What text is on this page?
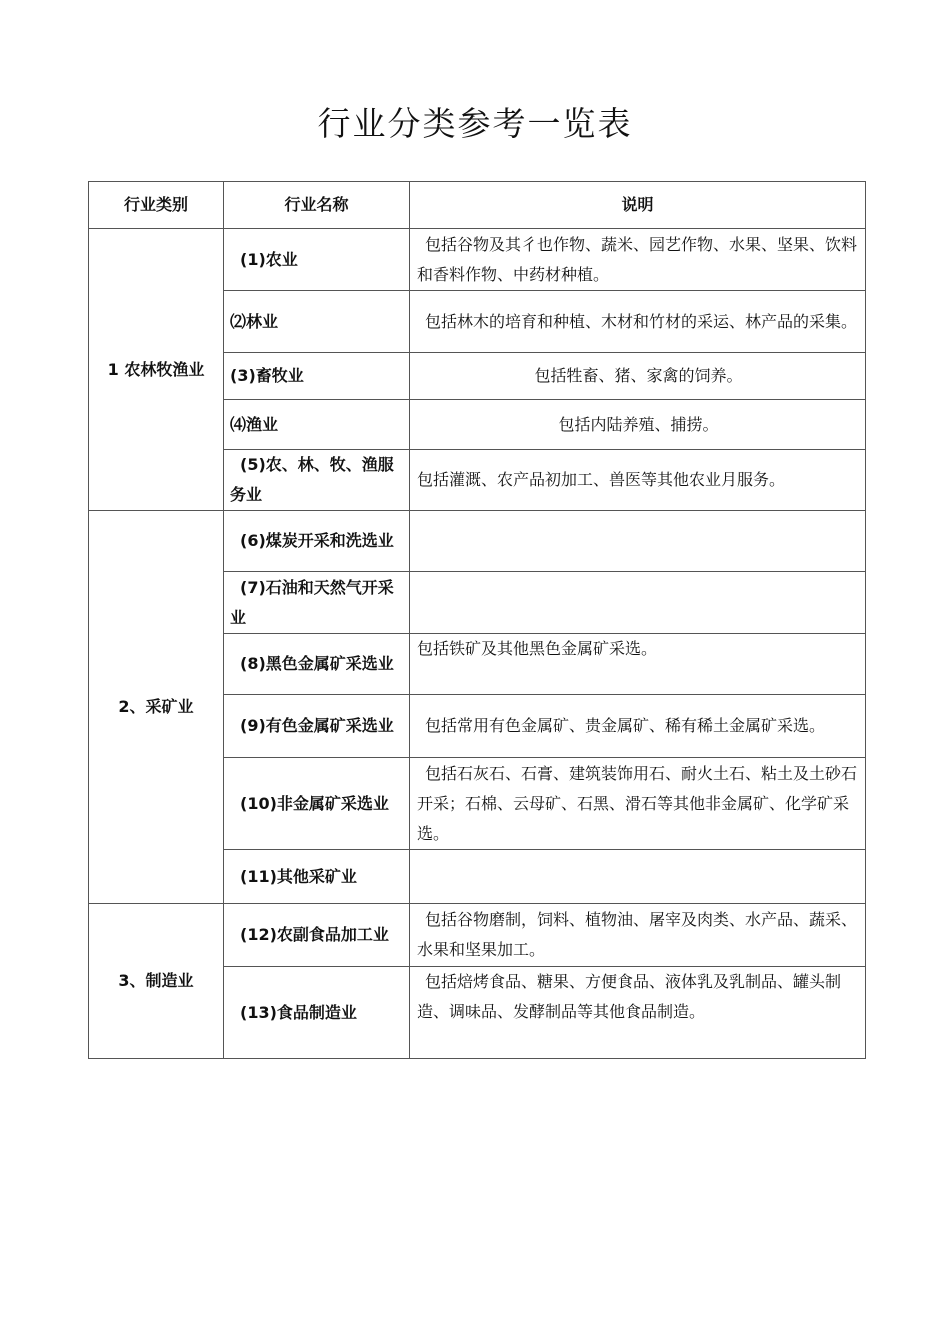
行业分类参考一览表
行业类别	行业名称	说明
1 农林牧渔业	(1)农业	包括谷物及其彳也作物、蔬米、园艺作物、水果、坚果、饮料和香料作物、中药材种植。
	⑵林业	包括林木的培育和种植、木材和竹材的采运、林产品的采集。
	(3)畜牧业	包括牲畜、猪、家禽的饲养。
	⑷渔业	包括内陆养殖、捕捞。
	(5)农、林、牧、渔服务业	包括灌溉、农产品初加工、兽医等其他农业月服务。
2、采矿业	(6)煤炭开采和洗选业	
	(7)石油和天然气开采业	
	(8)黑色金属矿采选业	包括铁矿及其他黑色金属矿采选。
	(9)有色金属矿采选业	包括常用有色金属矿、贵金属矿、稀有稀土金属矿采选。
	(10)非金属矿采选业	包括石灰石、石膏、建筑装饰用石、耐火土石、粘土及土砂石开采；石棉、云母矿、石黑、滑石等其他非金属矿、化学矿采选。
	(11)其他采矿业	
3、制造业	(12)农副食品加工业	包括谷物磨制，饲料、植物油、屠宰及肉类、水产品、蔬采、水果和坚果加工。
	(13)食品制造业	包括焙烤食品、糖果、方便食品、液体乳及乳制品、罐头制造、调味品、发酵制品等其他食品制造。
